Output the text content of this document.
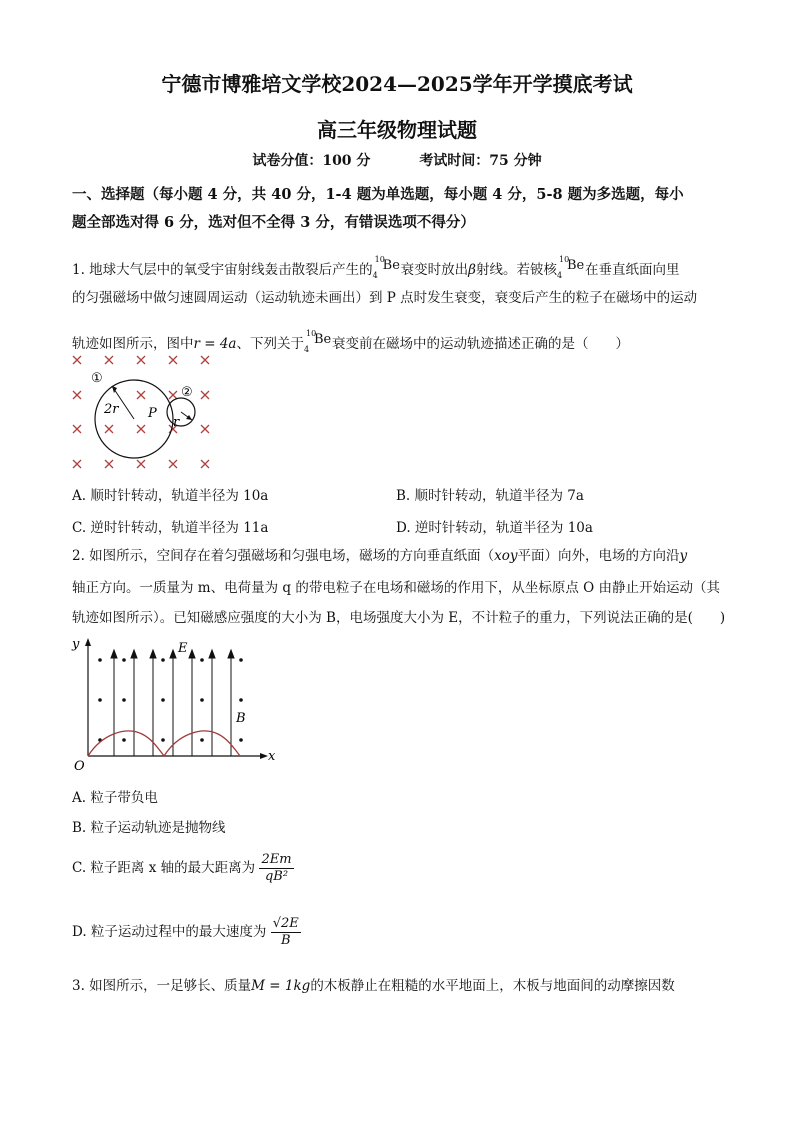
宁德市博雅培文学校2024—2025学年开学摸底考试
高三年级物理试题
试卷分值：100 分	考试时间：75 分钟
一、选择题（每小题 4 分，共 40 分，1-4 题为单选题，每小题 4 分，5-8 题为多选题，每小
题全部选对得 6 分，选对但不全得 3 分，有错误选项不得分）
1. 地球大气层中的氧受宇宙射线轰击散裂后产生的
10
4
Be 衰变时放出β射线。若铍核
10
4
Be 在垂直纸面向里
的匀强磁场中做匀速圆周运动（运动轨迹未画出）到 P 点时发生衰变，衰变后产生的粒子在磁场中的运动
轨迹如图所示，图中r = 4a、下列关于
10
4
Be 衰变前在磁场中的运动轨迹描述正确的是（　　）
①
②
2r P
r
A. 顺时针转动，轨道半径为 10a	B. 顺时针转动，轨道半径为 7a
C. 逆时针转动，轨道半径为 11a	D. 逆时针转动，轨道半径为 10a
2. 如图所示，空间存在着匀强磁场和匀强电场，磁场的方向垂直纸面（xoy平面）向外，电场的方向沿y
轴正方向。一质量为 m、电荷量为 q 的带电粒子在电场和磁场的作用下，从坐标原点 O 由静止开始运动（其
轨迹如图所示）。已知磁感应强度的大小为 B，电场强度大小为 E，不计粒子的重力，下列说法正确的是(　　)
y
x
O
E
B
A. 粒子带负电
B. 粒子运动轨迹是抛物线
C. 粒子距离 x 轴的最大距离为 $\frac{2Em}{\text{qB²}}$
D. 粒子运动过程中的最大速度为 $\frac{√2E}{B}$
3. 如图所示，一足够长、质量M = 1kg的木板静止在粗糙的水平地面上，木板与地面间的动摩擦因数
